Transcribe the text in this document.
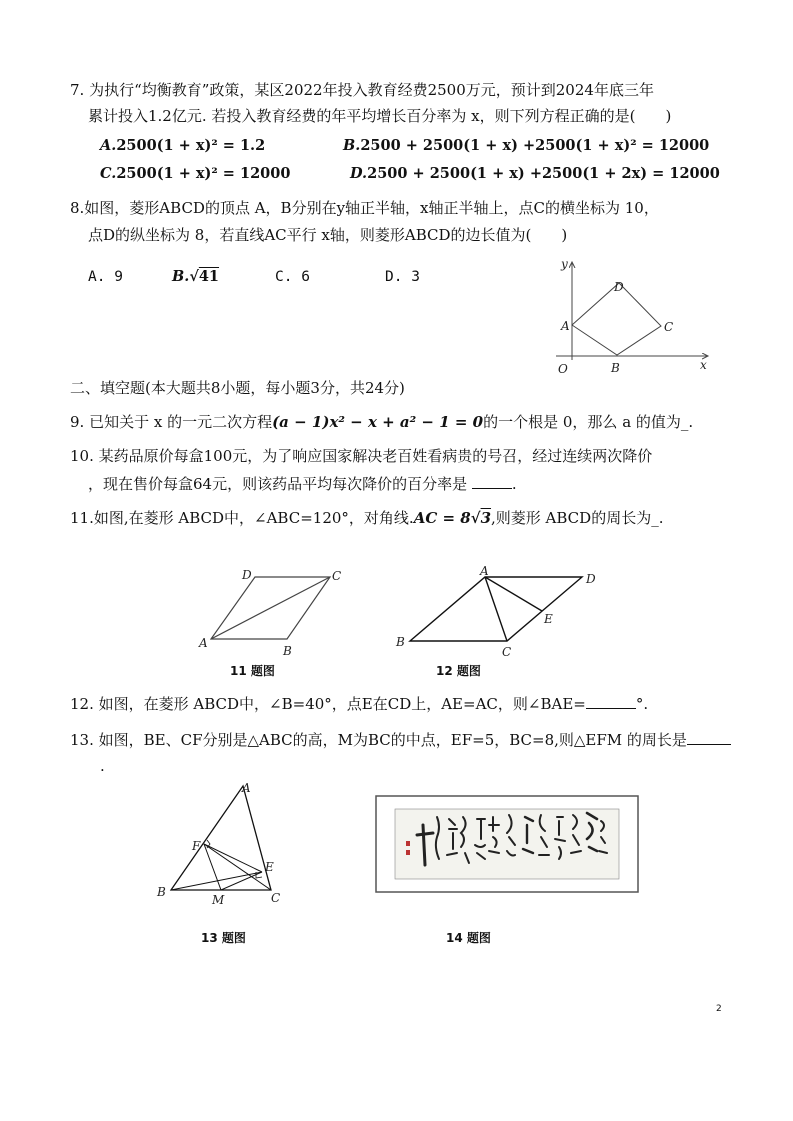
7. 为执行“均衡教育”政策，某区2022年投入教育经费2500万元，预计到2024年底三年
累计投入1.2亿元. 若投入教育经费的年平均增长百分率为 x，则下列方程正确的是(　　)
A.2500(1 + x)² = 1.2	B.2500 + 2500(1 + x) +2500(1 + x)² = 12000
C.2500(1 + x)² = 12000	D.2500 + 2500(1 + x) +2500(1 + 2x) = 12000
8.如图，菱形ABCD的顶点 A，B分别在y轴正半轴，x轴正半轴上，点C的横坐标为 10，
点D的纵坐标为 8，若直线AC平行 x轴，则菱形ABCD的边长值为(　　)
A. 9	B.√41	C. 6	D. 3
y
x
O
A
B
C
D
二、填空题(本大题共8小题，每小题3分，共24分)
9. 已知关于 x 的一元二次方程(a − 1)x² − x + a² − 1 = 0的一个根是 0，那么 a 的值为_.
10. 某药品原价每盒100元，为了响应国家解决老百姓看病贵的号召，经过连续两次降价
，现在售价每盒64元，则该药品平均每次降价的百分率是	.
11.如图,在菱形 ABCD中，∠ABC=120°，对角线.AC = 8√3,则菱形 ABCD的周长为_.
A
B
C
D
11 题图
A
B
C
D
E
12 题图
12. 如图，在菱形 ABCD中，∠B=40°，点E在CD上，AE=AC，则∠BAE=	°.
13. 如图，BE、CF分别是△ABC的高，M为BC的中点，EF=5，BC=8,则△EFM 的周长是
.
A
B	C
E
F
M
13 题图	14 题图
2
